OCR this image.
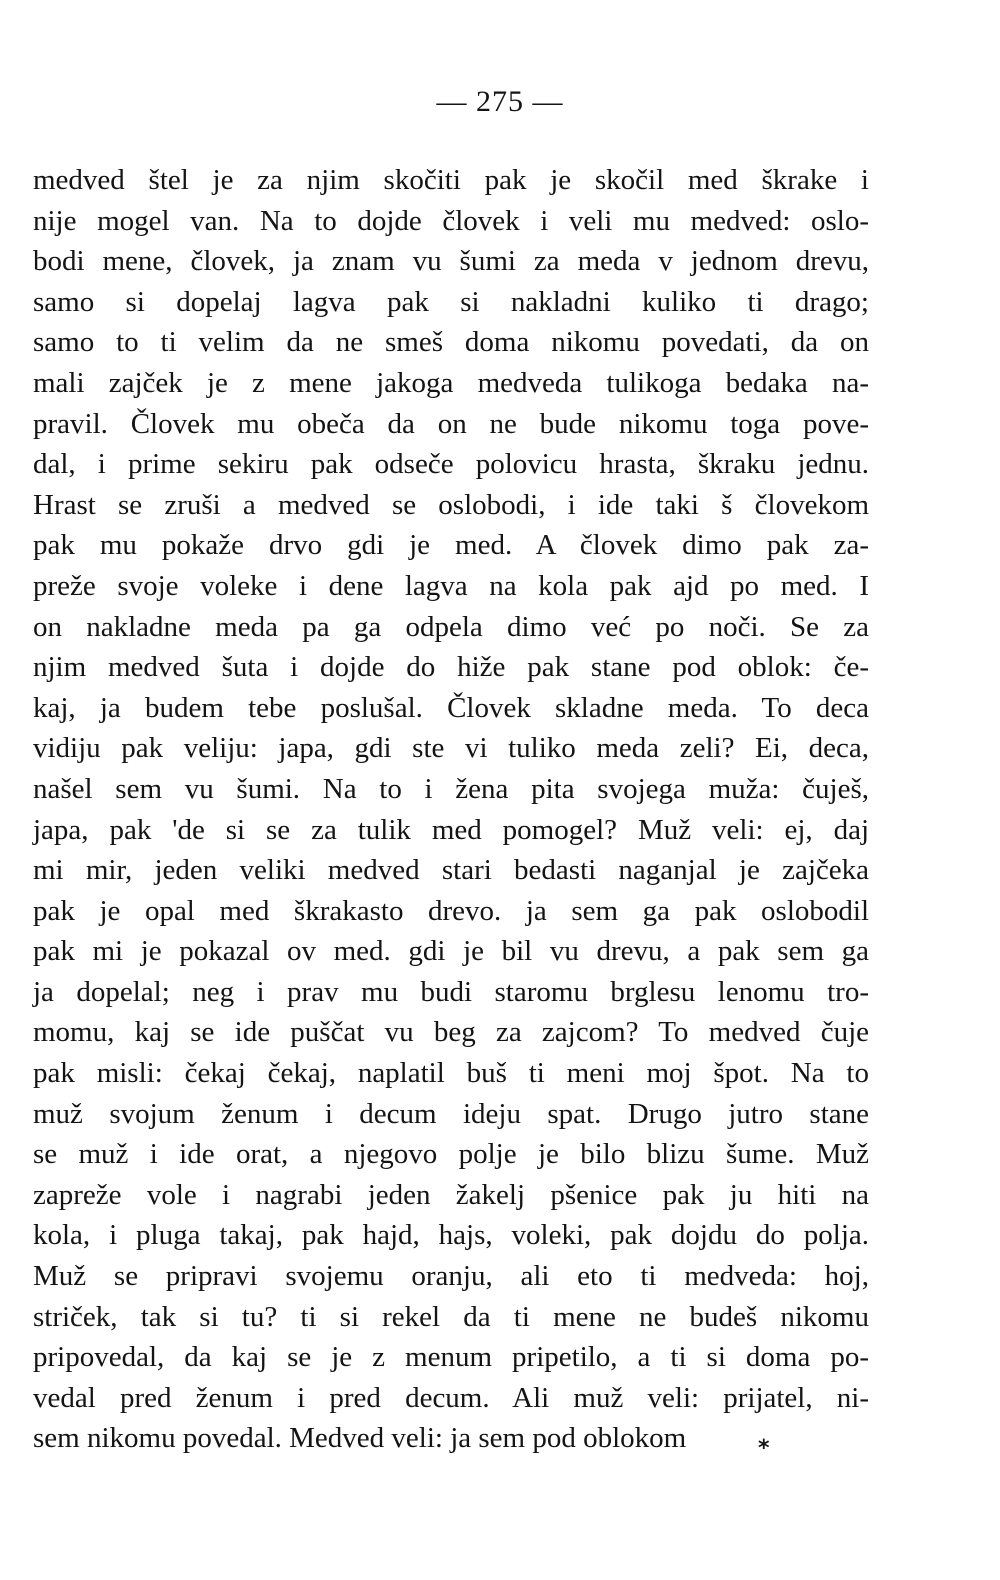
— 275 —
medved štel je za njim skočiti pak je skočil med škrake i
nije mogel van. Na to dojde človek i veli mu medved: oslo-
bodi mene, človek, ja znam vu šumi za meda v jednom drevu,
samo si dopelaj lagva pak si nakladni kuliko ti drago;
samo to ti velim da ne smeš doma nikomu povedati, da on
mali zajček je z mene jakoga medveda tulikoga bedaka na-
pravil. Človek mu obeča da on ne bude nikomu toga pove-
dal, i prime sekiru pak odseče polovicu hrasta, škraku jednu.
Hrast se zruši a medved se oslobodi, i ide taki š človekom
pak mu pokaže drvo gdi je med. A človek dimo pak za-
preže svoje voleke i dene lagva na kola pak ajd po med. I
on nakladne meda pa ga odpela dimo već po noči. Se za
njim medved šuta i dojde do hiže pak stane pod oblok: če-
kaj, ja budem tebe poslušal. Človek skladne meda. To deca
vidiju pak veliju: japa, gdi ste vi tuliko meda zeli? Ei, deca,
našel sem vu šumi. Na to i žena pita svojega muža: čuješ,
japa, pak 'de si se za tulik med pomogel? Muž veli: ej, daj
mi mir, jeden veliki medved stari bedasti naganjal je zajčeka
pak je opal med škrakasto drevo. ja sem ga pak oslobodil
pak mi je pokazal ov med. gdi je bil vu drevu, a pak sem ga
ja dopelal; neg i prav mu budi staromu brglesu lenomu tro-
momu, kaj se ide puščat vu beg za zajcom? To medved čuje
pak misli: čekaj čekaj, naplatil buš ti meni moj špot. Na to
muž svojum ženum i decum ideju spat. Drugo jutro stane
se muž i ide orat, a njegovo polje je bilo blizu šume. Muž
zapreže vole i nagrabi jeden žakelj pšenice pak ju hiti na
kola, i pluga takaj, pak hajd, hajs, voleki, pak dojdu do polja.
Muž se pripravi svojemu oranju, ali eto ti medveda: hoj,
striček, tak si tu? ti si rekel da ti mene ne budeš nikomu
pripovedal, da kaj se je z menum pripetilo, a ti si doma po-
vedal pred ženum i pred decum. Ali muž veli: prijatel, ni-
sem nikomu povedal. Medved veli: ja sem pod oblokom	*
